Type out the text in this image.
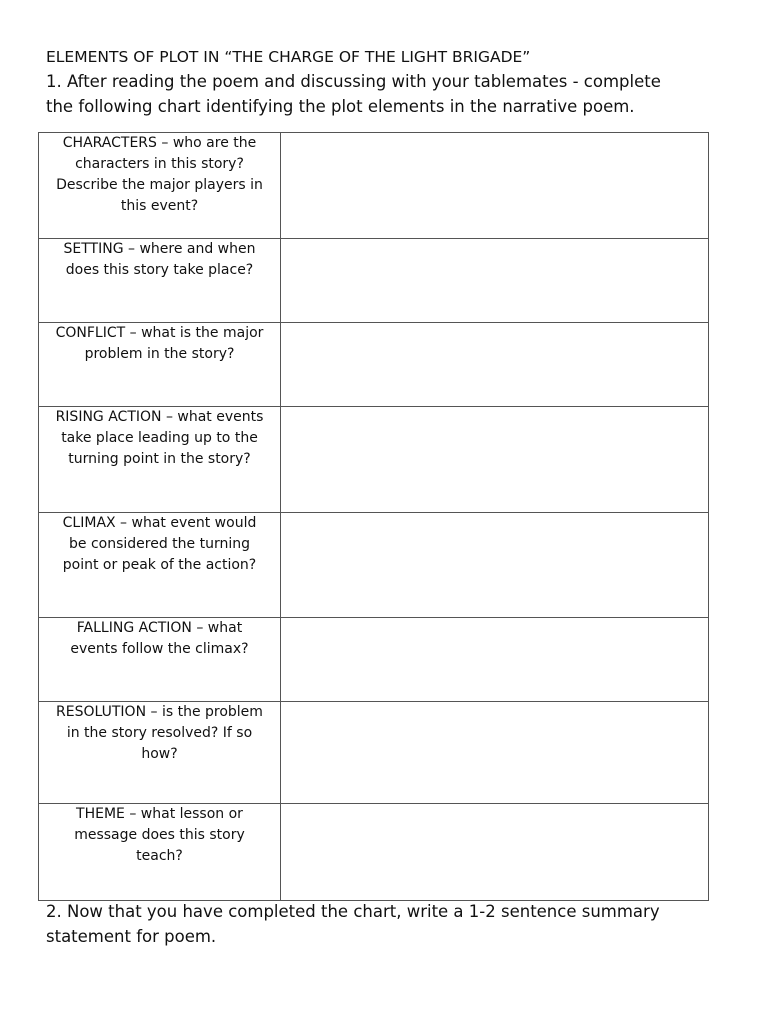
ELEMENTS OF PLOT IN “THE CHARGE OF THE LIGHT BRIGADE”

1. After reading the poem and discussing with your tablemates - complete
the following chart identifying the plot elements in the narrative poem.

CHARACTERS – who are the
characters in this story?
Describe the major players in
this event?	

SETTING – where and when
does this story take place?	

CONFLICT – what is the major
problem in the story?	

RISING ACTION – what events
take place leading up to the
turning point in the story?	

CLIMAX – what event would
be considered the turning
point or peak of the action?	

FALLING ACTION – what
events follow the climax?	

RESOLUTION – is the problem
in the story resolved? If so
how?	

THEME – what lesson or
message does this story
teach?	

2. Now that you have completed the chart, write a 1-2 sentence summary
statement for poem.
